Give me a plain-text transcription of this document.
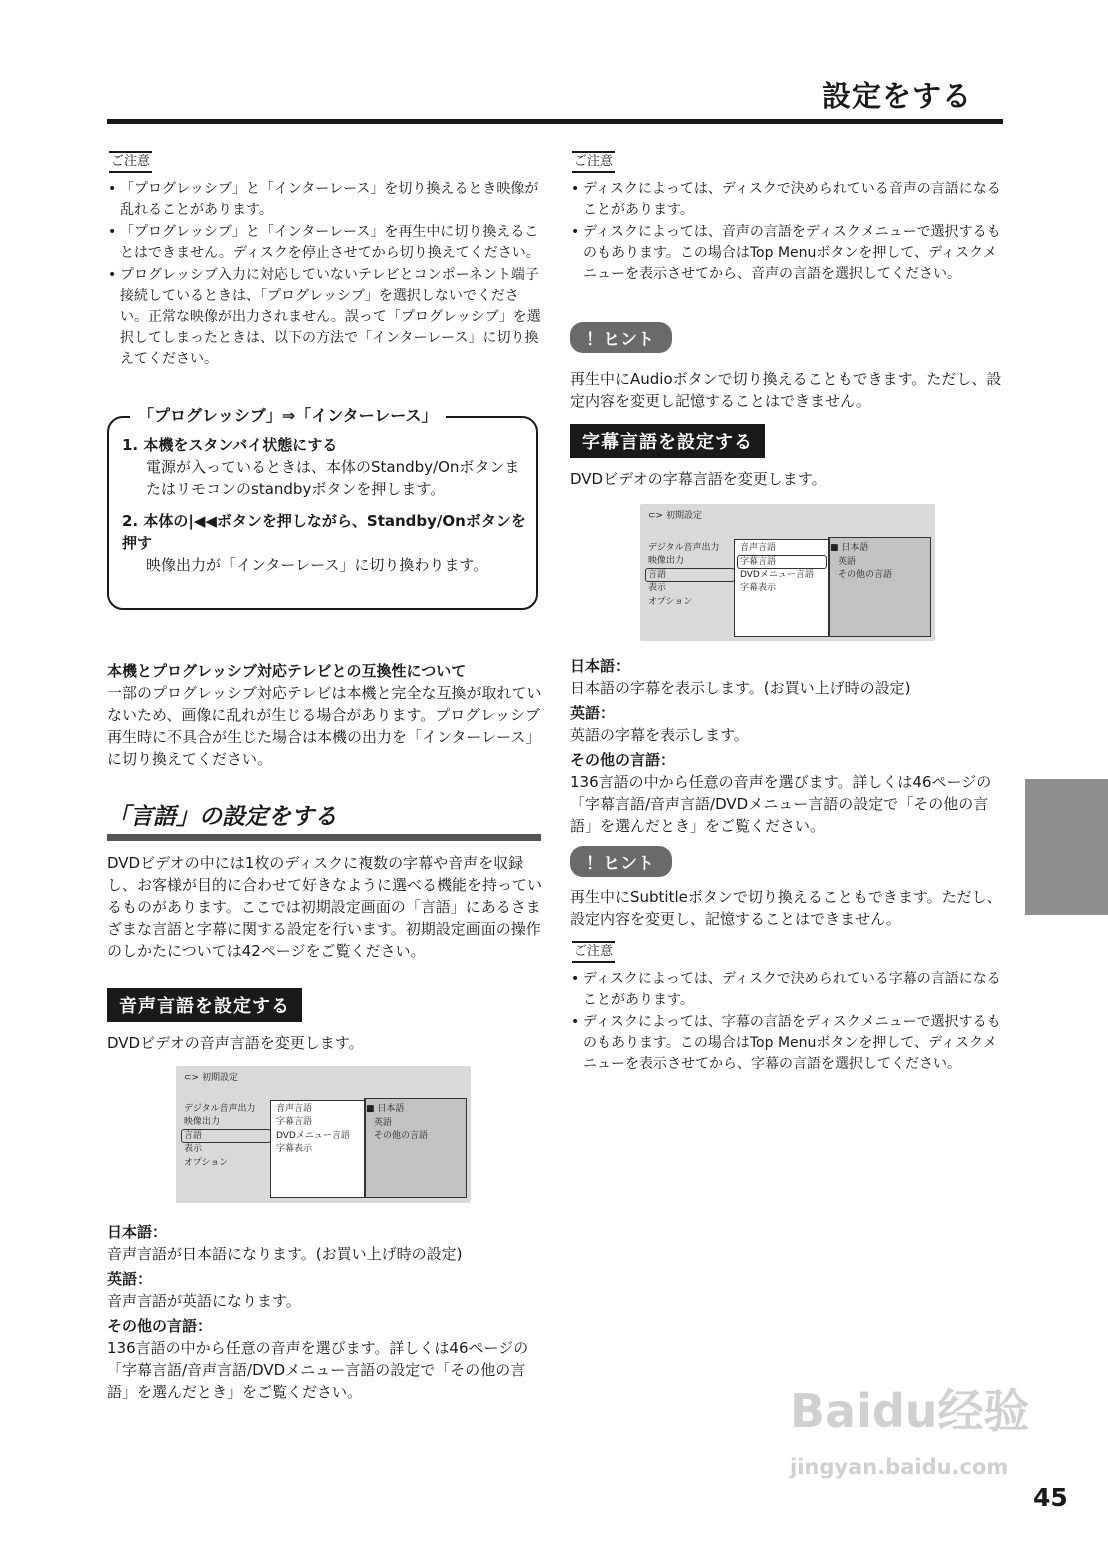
設定をする
ご注意
• 「プログレッシブ」と「インターレース」を切り換えるとき映像が乱れることがあります。
• 「プログレッシブ」と「インターレース」を再生中に切り換えることはできません。ディスクを停止させてから切り換えてください。
• プログレッシブ入力に対応していないテレビとコンポーネント端子接続しているときは、「プログレッシブ」を選択しないでください。正常な映像が出力されません。誤って「プログレッシブ」を選択してしまったときは、以下の方法で「インターレース」に切り換えてください。
「プログレッシブ」⇒「インターレース」
1. 本機をスタンバイ状態にする
電源が入っているときは、本体のStandby/Onボタンまたはリモコンのstandbyボタンを押します。
2. 本体の|◀◀ボタンを押しながら、Standby/Onボタンを押す
映像出力が「インターレース」に切り換わります。
本機とプログレッシブ対応テレビとの互換性について
一部のプログレッシブ対応テレビは本機と完全な互換が取れていないため、画像に乱れが生じる場合があります。プログレッシブ再生時に不具合が生じた場合は本機の出力を「インターレース」に切り換えてください。
「言語」の設定をする
DVDビデオの中には1枚のディスクに複数の字幕や音声を収録し、お客様が目的に合わせて好きなように選べる機能を持っているものがあります。ここでは初期設定画面の「言語」にあるさまざまな言語と字幕に関する設定を行います。初期設定画面の操作のしかたについては42ページをご覧ください。
音声言語を設定する
DVDビデオの音声言語を変更します。
⊂> 初期設定
デジタル音声出力
映像出力
言語
表示
オプション
音声言語
字幕言語
DVDメニュー言語
字幕表示
■ 日本語
英語
その他の言語
日本語：
音声言語が日本語になります。(お買い上げ時の設定)
英語：
音声言語が英語になります。
その他の言語：
136言語の中から任意の音声を選びます。詳しくは46ページの「字幕言語/音声言語/DVDメニュー言語の設定で「その他の言語」を選んだとき」をご覧ください。
ご注意
• ディスクによっては、ディスクで決められている音声の言語になることがあります。
• ディスクによっては、音声の言語をディスクメニューで選択するものもあります。この場合はTop Menuボタンを押して、ディスクメニューを表示させてから、音声の言語を選択してください。
！ヒント
再生中にAudioボタンで切り換えることもできます。ただし、設定内容を変更し記憶することはできません。
字幕言語を設定する
DVDビデオの字幕言語を変更します。
⊂> 初期設定
デジタル音声出力
映像出力
言語
表示
オプション
音声言語
字幕言語
DVDメニュー言語
字幕表示
■ 日本語
英語
その他の言語
日本語：
日本語の字幕を表示します。(お買い上げ時の設定)
英語：
英語の字幕を表示します。
その他の言語：
136言語の中から任意の音声を選びます。詳しくは46ページの「字幕言語/音声言語/DVDメニュー言語の設定で「その他の言語」を選んだとき」をご覧ください。
！ヒント
再生中にSubtitleボタンで切り換えることもできます。ただし、設定内容を変更し、記憶することはできません。
ご注意
• ディスクによっては、ディスクで決められている字幕の言語になることがあります。
• ディスクによっては、字幕の言語をディスクメニューで選択するものもあります。この場合はTop Menuボタンを押して、ディスクメニューを表示させてから、字幕の言語を選択してください。
Baidu经验
jingyan.baidu.com
45
